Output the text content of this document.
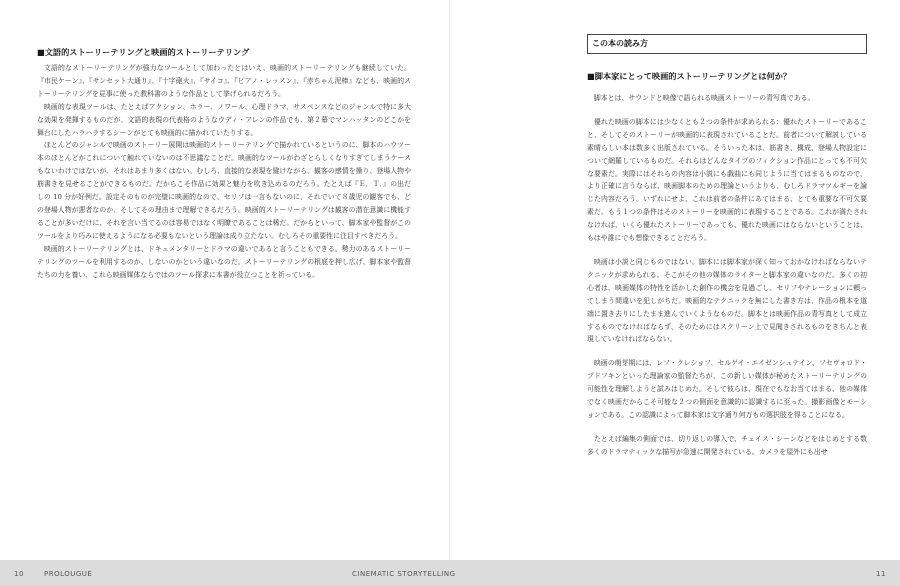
■文語的ストーリーテリングと映画的ストーリーテリング

文語的なストーリーテリングが強力なツールとして加わったとはいえ、映画的ストーリーテリングも継続していた。『市民ケーン』、『サンセット大通り』、『十字砲火』、『サイコ』、『ピアノ・レッスン』、『赤ちゃん泥棒』なども、映画的ストーリーテリングを見事に使った教科書のような作品として挙げられるだろう。

映画的な表現ツールは、たとえばアクション、ホラー、ノワール、心理ドラマ、サスペンスなどのジャンルで特に多大な効果を発揮するものだが、文語的表現の代表格のようなウディ・アレンの作品でも、第２幕でマンハッタンのどこかを舞台にしたハラハラするシーンがとても映画的に描かれていたりする。

ほとんどのジャンルで映画のストーリー展開は映画的ストーリーテリングで描かれているというのに、脚本のハウツー本のほとんどがこれについて触れていないのは不思議なことだ。映画的なツールがわざとらしくなりすぎてしまうケースもないわけではないが、それはあまり多くはない。むしろ、直接的な表現を避けながら、観客の感情を操り、登場人物や筋書きを見せることができるものだ。だからこそ作品に効果と魅力を吹き込めるのだろう。たとえば『Ｅ．Ｔ．』の出だしの 10 分が好例だ。設定そのものが完璧に映画的なので、セリフは一言もないのに、それでいて８歳児の観客でも、どの登場人物が悪者なのか、そしてその理由まで理解できるだろう。映画的ストーリーテリングは観客の潜在意識に機能することが多いだけに、それを言い当てるのは容易ではなく明瞭であることは稀だ。だからといって、脚本家や監督がこのツールをより巧みに使えるようになる必要もないという理論は成り立たない。むしろその重要性に注目すべきだろう。

映画的ストーリーテリングとは、ドキュメンタリーとドラマの違いであると言うこともできる。勢力のあるストーリーテリングのツールを利用するのか、しないのかという違いなのだ。ストーリーテリングの根底を押し広げ、脚本家や監督たちの力を養い、これら映画媒体ならではのツール探求に本書が役立つことを祈っている。

この本の読み方
■脚本家にとって映画的ストーリーテリングとは何か？

脚本とは、サウンドと映像で語られる映画ストーリーの青写真である。

優れた映画の脚本には少なくとも２つの条件が求められる：優れたストーリーであること、そしてそのストーリーが映画的に表現されていることだ。前者について解説している素晴らしい本は数多く出版されている。そういった本は、筋書き、構成、登場人物設定について網羅しているものだ。それらはどんなタイプのフィクション作品にとっても不可欠な要素だ。実際にはそれらの内容は小説にも戯曲にも同じように当てはまるものなので、より正確に言うならば、映画脚本のための理論というよりも、むしろドラマツルギーを論じた内容だろう。いずれにせよ、これは前者の条件にあてはまる、とても重要な不可欠要素だ。もう１つの条件はそのストーリーを映画的に表現することである。これが満たされなければ、いくら優れたストーリーであっても、優れた映画にはならないということは、もはや誰にでも想像できることだろう。

映画は小説と同じものではない。脚本には脚本家が深く知っておかなければならないテクニックが求められる。そこがその他の媒体のライターと脚本家の違いなのだ。多くの初心者は、映画媒体の特性を活かした創作の機会を見過ごし、セリフやナレーションに頼ってしまう間違いを犯しがちだ。映画的なテクニックを無にした書き方は、作品の根本を道端に置き去りにしたまま進んでいくようなものだ。脚本とは映画作品の青写真として成立するものでなければならず、そのためにはスクリーン上で見聞きされるものをきちんと表現していなければならない。

映画の萌芽期には、レフ・クレショフ、セルゲイ・エイゼンシュテイン、フセヴォロド・プドフキンといった理論家の監督たちが、この新しい媒体が秘めたストーリーテリングの可能性を理解しようと試みはじめた。そして彼らは、現在でもなお当てはまる、他の媒体でなく映画だからこそ可能な２つの側面を意識的に認識するに至った。撮影画像とモーションである。この認識によって脚本家は文字通り何万もの選択肢を得ることになる。

たとえば編集の側面では、切り返しの導入で、チェイス・シーンなどをはじめとする数多くのドラマティックな描写が急速に開発されている。カメラを屋外にも出せ

10	PROLOUGUE	CINEMATIC STORYTELLING	11
